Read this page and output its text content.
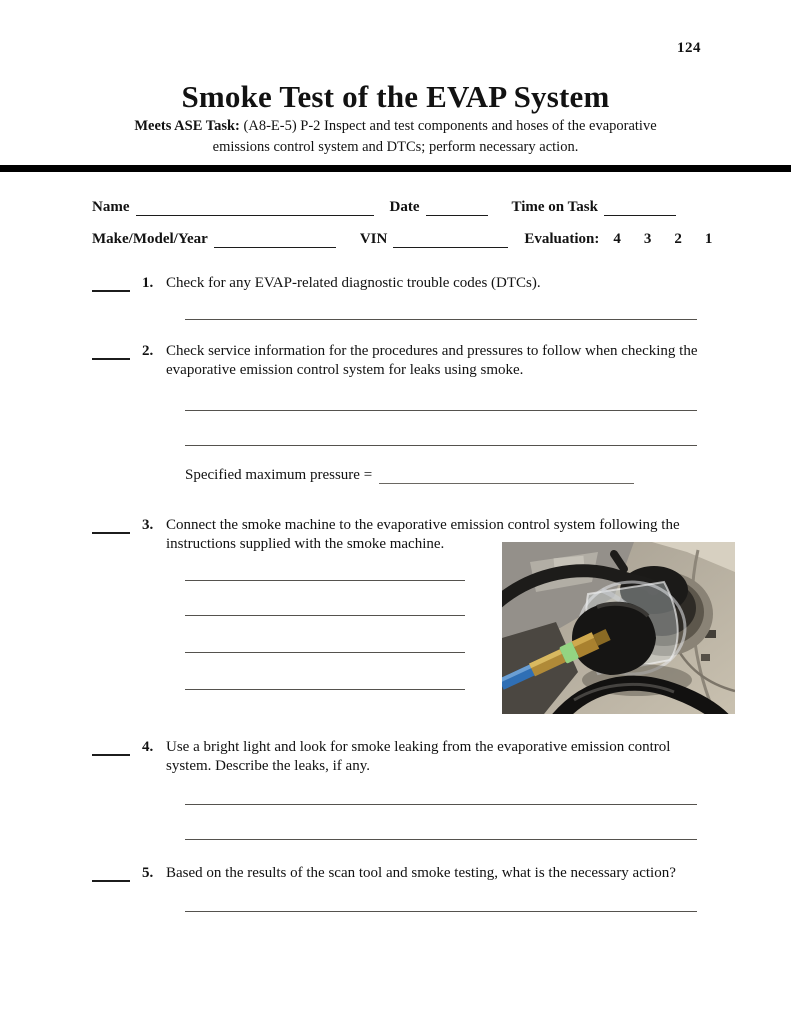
124
Smoke Test of the EVAP System
Meets ASE Task: (A8-E-5) P-2 Inspect and test components and hoses of the evaporative
emissions control system and DTCs; perform necessary action.
Name	Date	Time on Task
Make/Model/Year	VIN	Evaluation: 4 3 2 1
1. Check for any EVAP-related diagnostic trouble codes (DTCs).
2. Check service information for the procedures and pressures to follow when checking the evaporative emission control system for leaks using smoke.
Specified maximum pressure =
3. Connect the smoke machine to the evaporative emission control system following the instructions supplied with the smoke machine.
4. Use a bright light and look for smoke leaking from the evaporative emission control system. Describe the leaks, if any.
5. Based on the results of the scan tool and smoke testing, what is the necessary action?
